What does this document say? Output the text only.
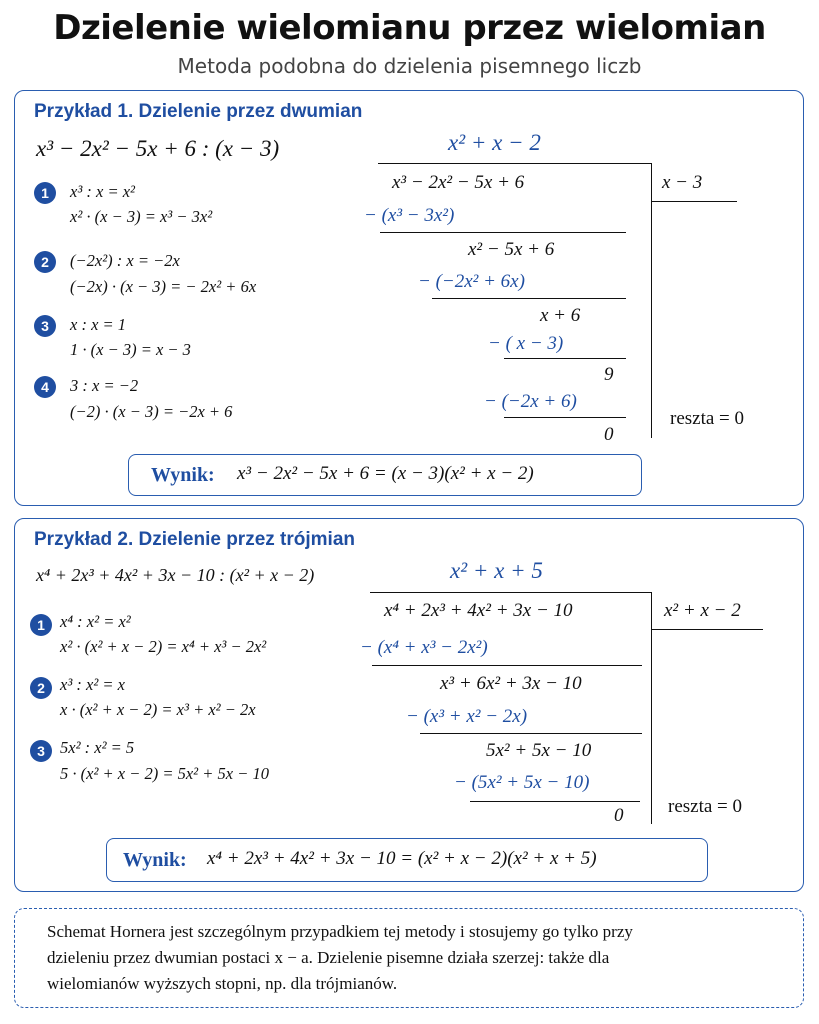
Dzielenie wielomianu przez wielomian
Metoda podobna do dzielenia pisemnego liczb
Przykład 1. Dzielenie przez dwumian
x³ − 2x² − 5x + 6 : (x − 3)
1	x³ : x = x²
x² · (x − 3) = x³ − 3x²
2	(−2x²) : x = −2x
(−2x) · (x − 3) = − 2x² + 6x
3	x : x = 1
1 · (x − 3) = x − 3
4	3 : x = −2
(−2) · (x − 3) = −2x + 6
x² + x − 2
x − 3
x³ − 2x² − 5x + 6
− (x³ − 3x²)
x² − 5x + 6
− (−2x² + 6x)
x + 6
− ( x − 3)
9
− (−2x + 6)
0
reszta = 0
Wynik: x³ − 2x² − 5x + 6 = (x − 3)(x² + x − 2)
Przykład 2. Dzielenie przez trójmian
x⁴ + 2x³ + 4x² + 3x − 10 : (x² + x − 2)
1 x⁴ : x² = x²
x² · (x² + x − 2) = x⁴ + x³ − 2x²
2 x³ : x² = x
x · (x² + x − 2) = x³ + x² − 2x
3 5x² : x² = 5
5 · (x² + x − 2) = 5x² + 5x − 10
x² + x + 5
x² + x − 2
x⁴ + 2x³ + 4x² + 3x − 10
− (x⁴ + x³ − 2x²)
x³ + 6x² + 3x − 10
− (x³ + x² − 2x)
5x² + 5x − 10
− (5x² + 5x − 10)
0 reszta = 0
Wynik: x⁴ + 2x³ + 4x² + 3x − 10 = (x² + x − 2)(x² + x + 5)

Schemat Hornera jest szczególnym przypadkiem tej metody i stosujemy go tylko przy

dzieleniu przez dwumian postaci x − a. Dzielenie pisemne działa szerzej: także dla

wielomianów wyższych stopni, np. dla trójmianów.
